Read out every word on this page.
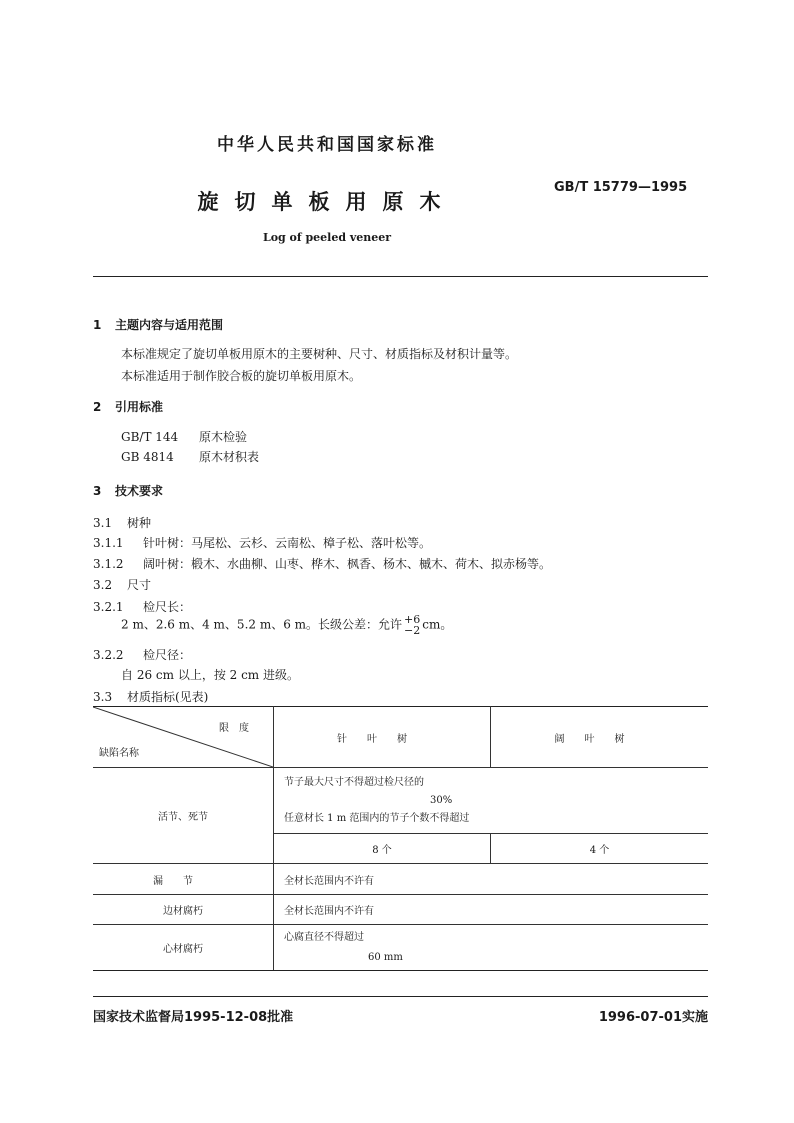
中华人民共和国国家标准
旋切单板用原木
GB/T 15779—1995
Log of peeled veneer
1 主题内容与适用范围
本标准规定了旋切单板用原木的主要树种、尺寸、材质指标及材积计量等。
本标准适用于制作胶合板的旋切单板用原木。
2 引用标准
GB/T 144 原木检验
GB 4814 原木材积表
3 技术要求
3.1 树种
3.1.1 针叶树：马尾松、云杉、云南松、樟子松、落叶松等。
3.1.2 阔叶树：椴木、水曲柳、山枣、桦木、枫香、杨木、槭木、荷木、拟赤杨等。
3.2 尺寸
3.2.1 检尺长：
2 m、2.6 m、4 m、5.2 m、6 m。长级公差：允许 +6
−2 cm。
3.2.2 检尺径：
自 26 cm 以上，按 2 cm 进级。
3.3 材质指标(见表)
限度
缺陷名称	针叶树	阔叶树
活节、死节	节子最大尺寸不得超过检尺径的
30%
任意材长 1 m 范围内的节子个数不得超过	

	8 个	4 个
漏节	全材长范围内不许有	
边材腐朽	全材长范围内不许有	
心材腐朽	心腐直径不得超过
60 mm	
国家技术监督局1995-12-08批准	1996-07-01实施
